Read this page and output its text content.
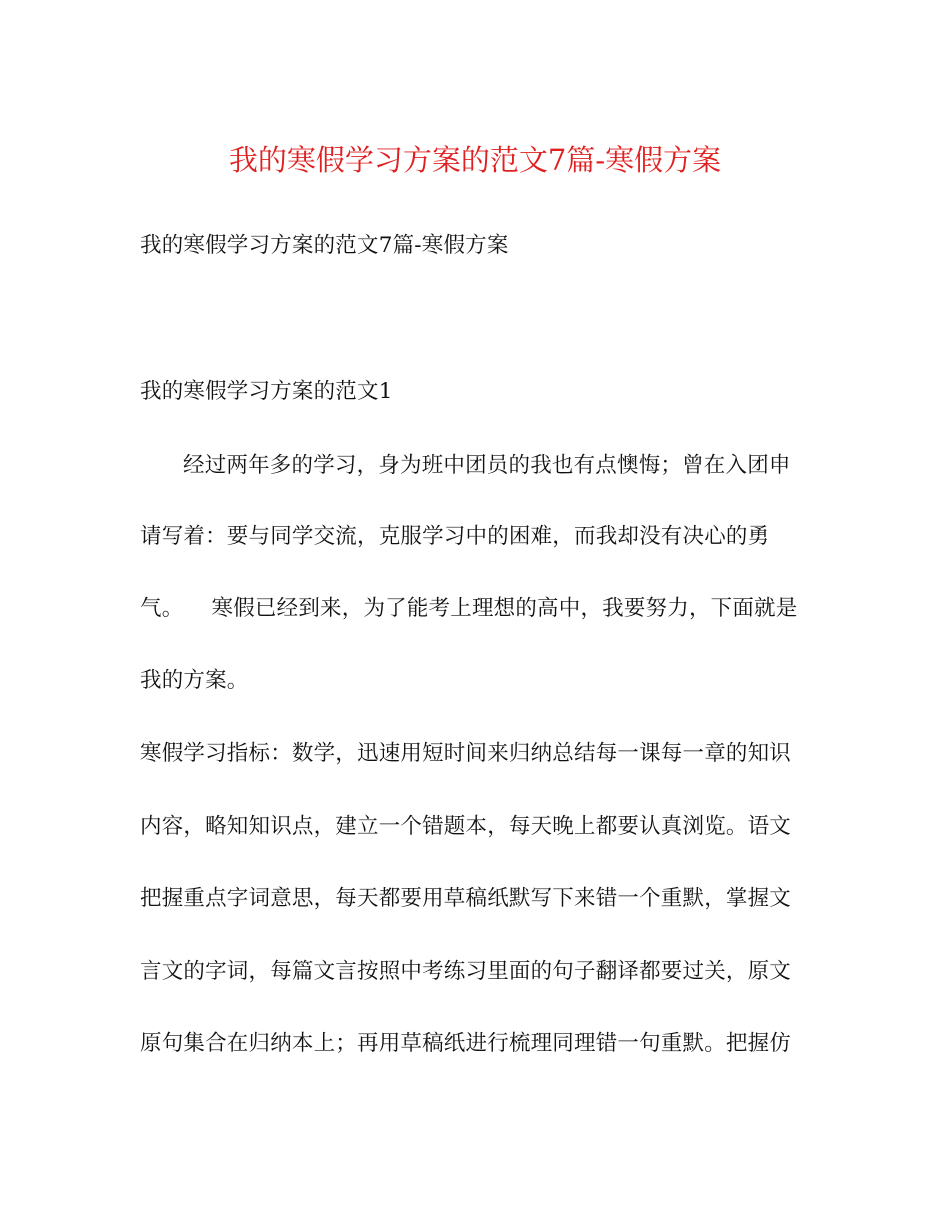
我的寒假学习方案的范文7篇-寒假方案
我的寒假学习方案的范文7篇-寒假方案
我的寒假学习方案的范文1
经过两年多的学习，身为班中团员的我也有点懊悔；曾在入团申
请写着：要与同学交流，克服学习中的困难，而我却没有决心的勇
气。    寒假已经到来，为了能考上理想的高中，我要努力，下面就是
我的方案。
寒假学习指标：数学，迅速用短时间来归纳总结每一课每一章的知识
内容，略知知识点，建立一个错题本，每天晚上都要认真浏览。语文
把握重点字词意思，每天都要用草稿纸默写下来错一个重默，掌握文
言文的字词，每篇文言按照中考练习里面的句子翻译都要过关，原文
原句集合在归纳本上；再用草稿纸进行梳理同理错一句重默。把握仿
